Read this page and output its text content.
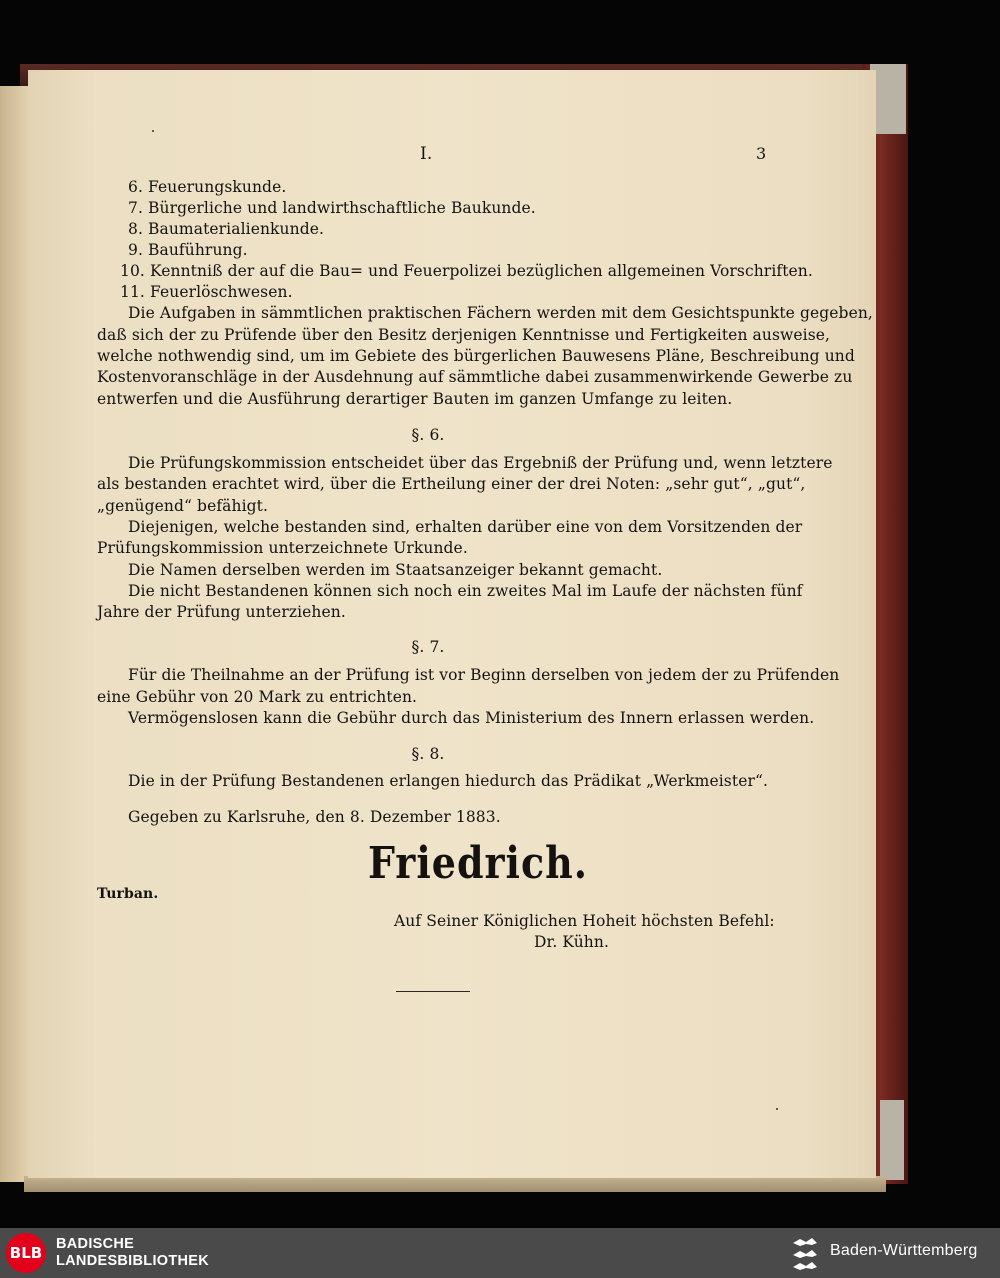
I.	3
6. Feuerungskunde.
7. Bürgerliche und landwirthschaftliche Baukunde.
8. Baumaterialienkunde.
9. Bauführung.
10. Kenntniß der auf die Bau= und Feuerpolizei bezüglichen allgemeinen Vorschriften.
11. Feuerlöschwesen.
Die Aufgaben in sämmtlichen praktischen Fächern werden mit dem Gesichtspunkte gegeben,
daß sich der zu Prüfende über den Besitz derjenigen Kenntnisse und Fertigkeiten ausweise,
welche nothwendig sind, um im Gebiete des bürgerlichen Bauwesens Pläne, Beschreibung und
Kostenvoranschläge in der Ausdehnung auf sämmtliche dabei zusammenwirkende Gewerbe zu
entwerfen und die Ausführung derartiger Bauten im ganzen Umfange zu leiten.
§. 6.
Die Prüfungskommission entscheidet über das Ergebniß der Prüfung und, wenn letztere
als bestanden erachtet wird, über die Ertheilung einer der drei Noten: „sehr gut“, „gut“,
„genügend“ befähigt.
Diejenigen, welche bestanden sind, erhalten darüber eine von dem Vorsitzenden der
Prüfungskommission unterzeichnete Urkunde.
Die Namen derselben werden im Staatsanzeiger bekannt gemacht.
Die nicht Bestandenen können sich noch ein zweites Mal im Laufe der nächsten fünf
Jahre der Prüfung unterziehen.
§. 7.
Für die Theilnahme an der Prüfung ist vor Beginn derselben von jedem der zu Prüfenden
eine Gebühr von 20 Mark zu entrichten.
Vermögenslosen kann die Gebühr durch das Ministerium des Innern erlassen werden.
§. 8.
Die in der Prüfung Bestandenen erlangen hiedurch das Prädikat „Werkmeister“.
Gegeben zu Karlsruhe, den 8. Dezember 1883.
Friedrich.
Turban.
Auf Seiner Königlichen Hoheit höchsten Befehl:
Dr. Kühn.
BLB BADISCHE
LANDESBIBLIOTHEK
Baden-Württemberg
